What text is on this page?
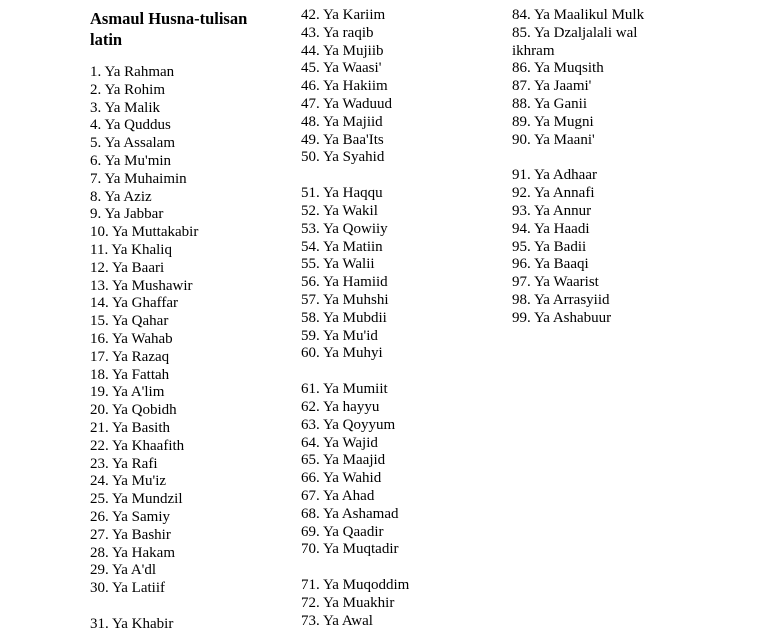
Asmaul Husna-tulisan latin
1. Ya Rahman
2. Ya Rohim
3. Ya Malik
4. Ya Quddus
5. Ya Assalam
6. Ya Mu'min
7. Ya Muhaimin
8. Ya Aziz
9. Ya Jabbar
10. Ya Muttakabir
11. Ya Khaliq
12. Ya Baari
13. Ya Mushawir
14. Ya Ghaffar
15. Ya Qahar
16. Ya Wahab
17. Ya Razaq
18. Ya Fattah
19. Ya A'lim
20. Ya Qobidh
21. Ya Basith
22. Ya Khaafith
23. Ya Rafi
24. Ya Mu'iz
25. Ya Mundzil
26. Ya Samiy
27. Ya Bashir
28. Ya Hakam
29. Ya A'dl
30. Ya Latiif
31. Ya Khabir
42. Ya Kariim
43. Ya raqib
44. Ya Mujiib
45. Ya Waasi'
46. Ya Hakiim
47. Ya Waduud
48. Ya Majiid
49. Ya Baa'Its
50. Ya Syahid
51. Ya Haqqu
52. Ya Wakil
53. Ya Qowiiy
54. Ya Matiin
55. Ya Walii
56. Ya Hamiid
57. Ya Muhshi
58. Ya Mubdii
59. Ya Mu'id
60. Ya Muhyi
61. Ya Mumiit
62. Ya hayyu
63. Ya Qoyyum
64. Ya Wajid
65. Ya Maajid
66. Ya Wahid
67. Ya Ahad
68. Ya Ashamad
69. Ya Qaadir
70. Ya Muqtadir
71. Ya Muqoddim
72. Ya Muakhir
73. Ya Awal
84. Ya Maalikul Mulk
85. Ya Dzaljalali wal ikhram
86. Ya Muqsith
87. Ya Jaami'
88. Ya Ganii
89. Ya Mugni
90. Ya Maani'
91. Ya Adhaar
92. Ya Annafi
93. Ya Annur
94. Ya Haadi
95. Ya Badii
96. Ya Baaqi
97. Ya Waarist
98. Ya Arrasyiid
99. Ya Ashabuur
